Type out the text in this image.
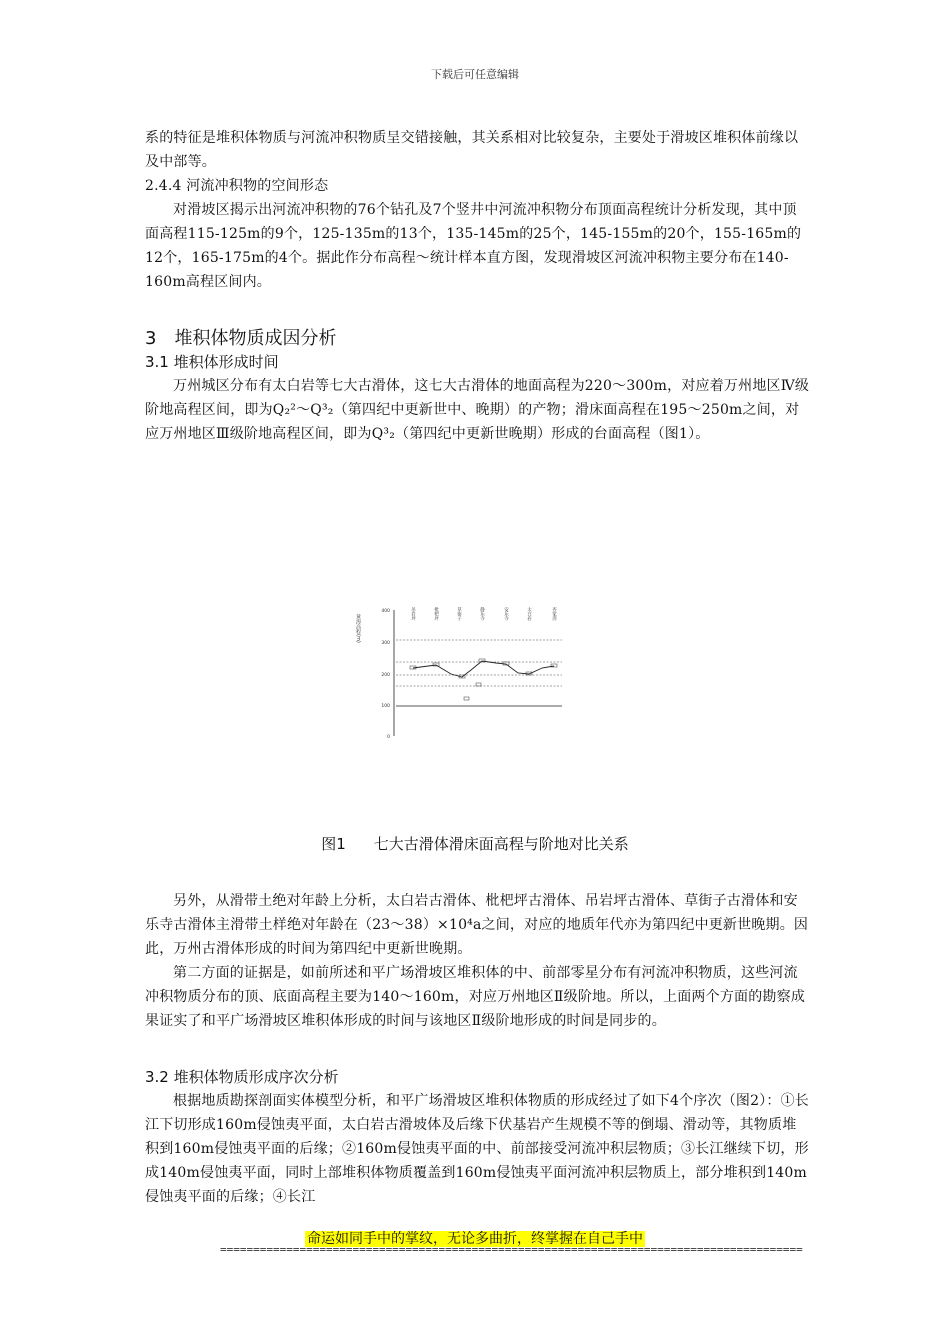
下载后可任意编辑

系的特征是堆积体物质与河流冲积物质呈交错接触，其关系相对比较复杂，主要处于滑坡区堆积体前缘以及中部等。

2.4.4 河流冲积物的空间形态

对滑坡区揭示出河流冲积物的76个钻孔及7个竖井中河流冲积物分布顶面高程统计分析发现，其中顶面高程115-125m的9个，125-135m的13个，135-145m的25个，145-155m的20个，155-165m的12个，165-175m的4个。据此作分布高程～统计样本直方图，发现滑坡区河流冲积物主要分布在140-160m高程区间内。

3　堆积体物质成因分析
3.1 堆积体形成时间

万州城区分布有太白岩等七大古滑体，这七大古滑体的地面高程为220～300m，对应着万州地区Ⅳ级阶地高程区间，即为Q₂²～Q³₂（第四纪中更新世中、晚期）的产物；滑床面高程在195～250m之间，对应万州地区Ⅲ级阶地高程区间，即为Q³₂（第四纪中更新世晚期）形成的台面高程（图1）。

黄海高程(m)
400
300
200
100
0
吊岩坪	枇杷坪	草街子	静乐寺	安乐寺	太白岩	杏家湾
图1 七大古滑体滑床面高程与阶地对比关系

另外，从滑带土绝对年龄上分析，太白岩古滑体、枇杷坪古滑体、吊岩坪古滑体、草街子古滑体和安乐寺古滑体主滑带土样绝对年龄在（23～38）×10⁴a之间，对应的地质年代亦为第四纪中更新世晚期。因此，万州古滑体形成的时间为第四纪中更新世晚期。

第二方面的证据是，如前所述和平广场滑坡区堆积体的中、前部零星分布有河流冲积物质，这些河流冲积物质分布的顶、底面高程主要为140～160m，对应万州地区Ⅱ级阶地。所以，上面两个方面的勘察成果证实了和平广场滑坡区堆积体形成的时间与该地区Ⅱ级阶地形成的时间是同步的。

3.2 堆积体物质形成序次分析

根据地质勘探剖面实体模型分析，和平广场滑坡区堆积体物质的形成经过了如下4个序次（图2）：①长江下切形成160m侵蚀夷平面，太白岩古滑坡体及后缘下伏基岩产生规模不等的倒塌、滑动等，其物质堆积到160m侵蚀夷平面的后缘；②160m侵蚀夷平面的中、前部接受河流冲积层物质；③长江继续下切，形成140m侵蚀夷平面，同时上部堆积体物质覆盖到160m侵蚀夷平面河流冲积层物质上，部分堆积到140m侵蚀夷平面的后缘；④长江

命运如同手中的掌纹，无论多曲折，终掌握在自己手中
========================================================================================
